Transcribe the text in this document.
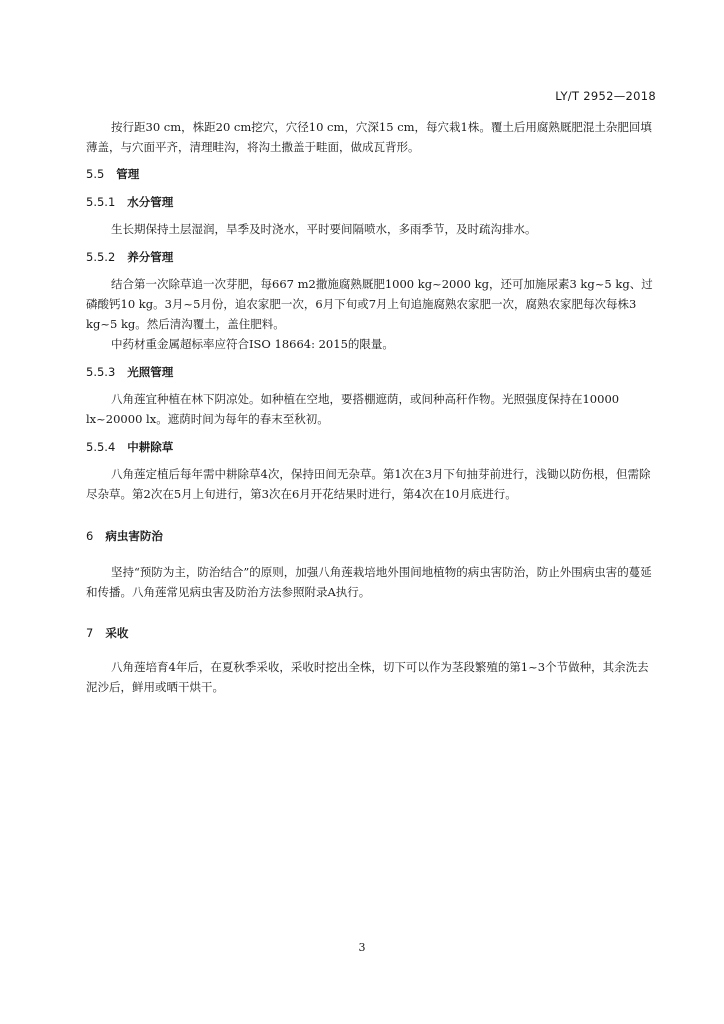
LY/T 2952—2018

按行距30 cm，株距20 cm挖穴，穴径10 cm，穴深15 cm，每穴栽1株。覆土后用腐熟厩肥混土杂肥回填薄盖，与穴面平齐，清理畦沟，将沟土撒盖于畦面，做成瓦背形。

5.5 管理

5.5.1 水分管理

生长期保持土层湿润，旱季及时浇水，平时要间隔喷水，多雨季节，及时疏沟排水。

5.5.2 养分管理

结合第一次除草追一次芽肥，每667 m2撒施腐熟厩肥1000 kg~2000 kg，还可加施尿素3 kg~5 kg、过磷酸钙10 kg。3月~5月份，追农家肥一次，6月下旬或7月上旬追施腐熟农家肥一次，腐熟农家肥每次每株3 kg~5 kg。然后清沟覆土，盖住肥料。

中药材重金属超标率应符合ISO 18664: 2015的限量。

5.5.3 光照管理

八角莲宜种植在林下阴凉处。如种植在空地，要搭棚遮荫，或间种高秆作物。光照强度保持在10000 lx~20000 lx。遮荫时间为每年的春末至秋初。

5.5.4 中耕除草

八角莲定植后每年需中耕除草4次，保持田间无杂草。第1次在3月下旬抽芽前进行，浅锄以防伤根，但需除尽杂草。第2次在5月上旬进行，第3次在6月开花结果时进行，第4次在10月底进行。

6 病虫害防治

坚持“预防为主，防治结合”的原则，加强八角莲栽培地外围间地植物的病虫害防治，防止外围病虫害的蔓延和传播。八角莲常见病虫害及防治方法参照附录A执行。

7 采收

八角莲培育4年后，在夏秋季采收，采收时挖出全株，切下可以作为茎段繁殖的第1~3个节做种，其余洗去泥沙后，鲜用或晒干烘干。

3
